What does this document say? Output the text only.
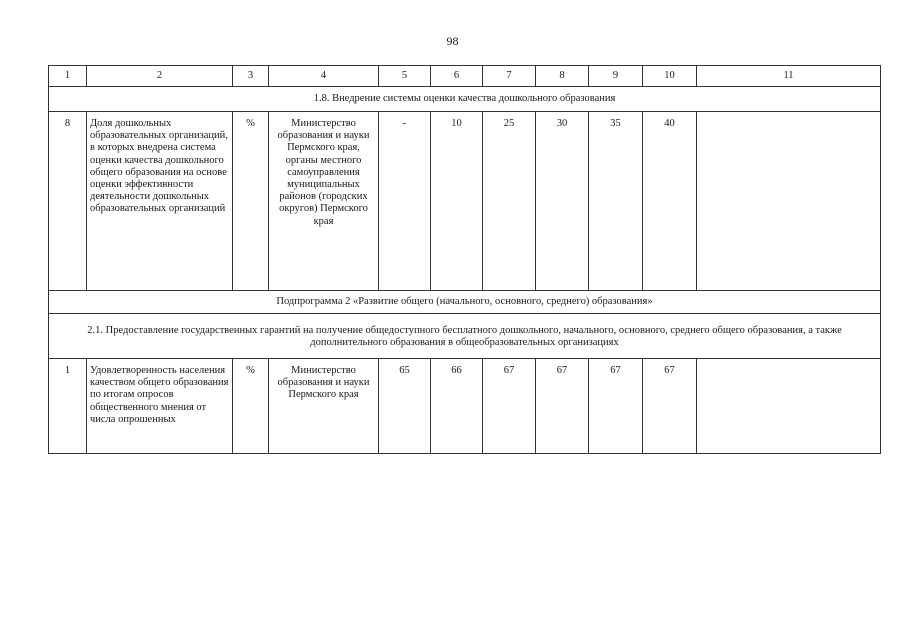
98
1	2	3	4	5	6	7	8	9	10	11
1.8. Внедрение системы оценки качества дошкольного образования										
8	Доля дошкольных образовательных организаций, в которых внедрена система оценки качества дошкольного общего образования на основе оценки эффективности деятельности дошкольных образовательных организаций	%	Министерство образования и науки Пермского края, органы местного самоуправления муниципальных районов (городских округов) Пермского края	-	10	25	30	35	40	
Подпрограмма 2 «Развитие общего (начального, основного, среднего) образования»										
2.1. Предоставление государственных гарантий на получение общедоступного бесплатного дошкольного, начального, основного, среднего общего образования, а также дополнительного образования в общеобразовательных организациях										
1	Удовлетворенность населения качеством общего образования по итогам опросов общественного мнения от числа опрошенных	%	Министерство образования и науки Пермского края	65	66	67	67	67	67	
